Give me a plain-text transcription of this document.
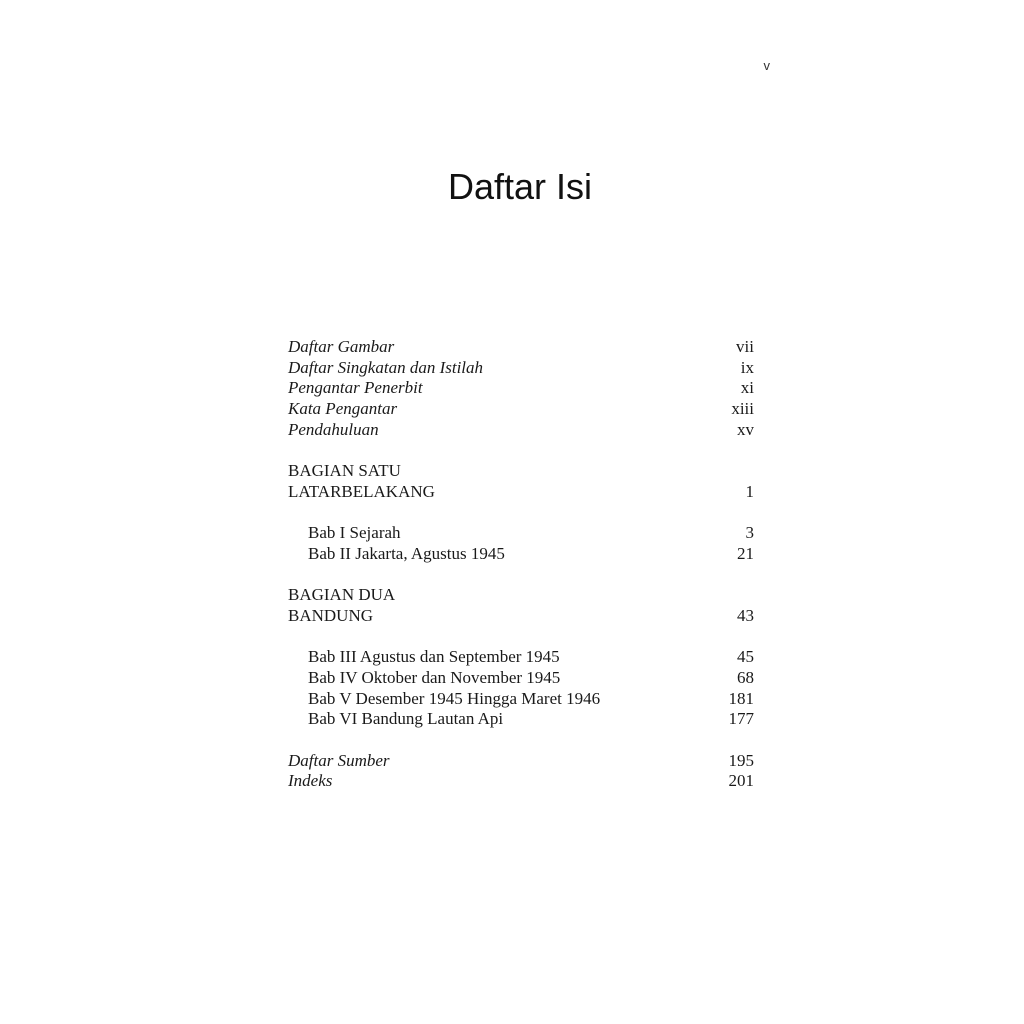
v
Daftar Isi
Daftar Gambar	vii
Daftar Singkatan dan Istilah	ix
Pengantar Penerbit	xi
Kata Pengantar	xiii
Pendahuluan	xv
BAGIAN SATU
LATARBELAKANG	1
Bab I Sejarah	3
Bab II Jakarta, Agustus 1945	21
BAGIAN DUA
BANDUNG	43
Bab III Agustus dan September 1945	45
Bab IV Oktober dan November 1945	68
Bab V Desember 1945 Hingga Maret 1946	181
Bab VI Bandung Lautan Api	177
Daftar Sumber	195
Indeks	201
